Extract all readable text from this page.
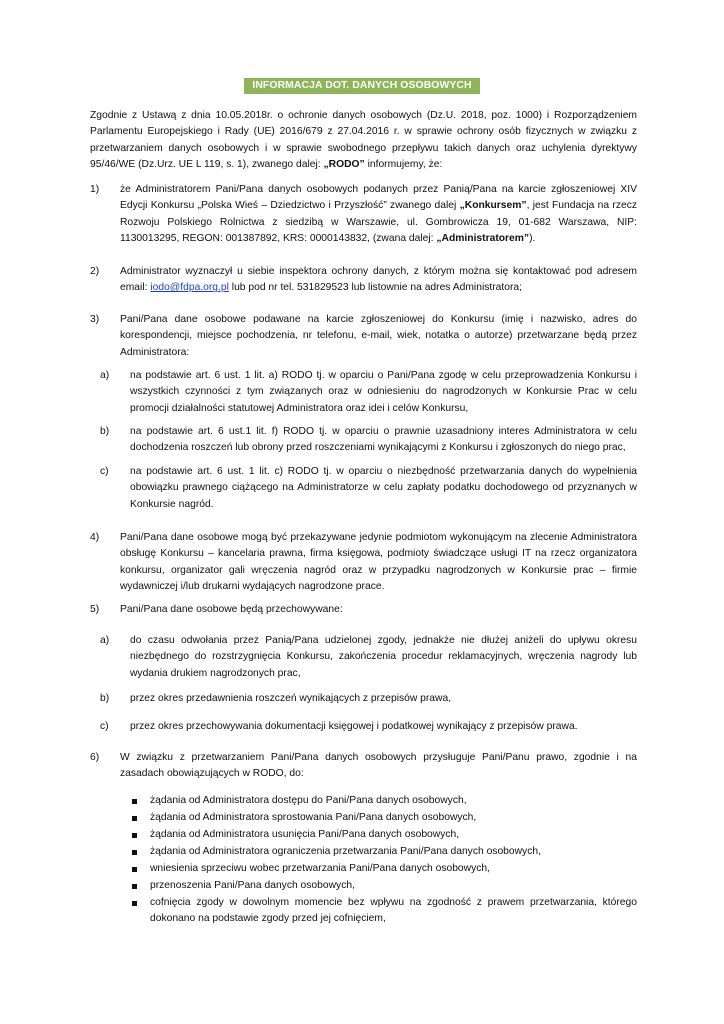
INFORMACJA DOT. DANYCH OSOBOWYCH
Zgodnie z Ustawą z dnia 10.05.2018r. o ochronie danych osobowych (Dz.U. 2018, poz. 1000) i Rozporządzeniem Parlamentu Europejskiego i Rady (UE) 2016/679 z 27.04.2016 r. w sprawie ochrony osób fizycznych w związku z przetwarzaniem danych osobowych i w sprawie swobodnego przepływu takich danych oraz uchylenia dyrektywy 95/46/WE (Dz.Urz. UE L 119, s. 1), zwanego dalej: „RODO” informujemy, że:
1)	że Administratorem Pani/Pana danych osobowych podanych przez Panią/Pana na karcie zgłoszeniowej XIV Edycji Konkursu „Polska Wieś – Dziedzictwo i Przyszłość” zwanego dalej „Konkursem”, jest Fundacja na rzecz Rozwoju Polskiego Rolnictwa z siedzibą w Warszawie, ul. Gombrowicza 19, 01-682 Warszawa, NIP: 1130013295, REGON: 001387892, KRS: 0000143832, (zwana dalej: „Administratorem”).
2)	Administrator wyznaczył u siebie inspektora ochrony danych, z którym można się kontaktować pod adresem email: iodo@fdpa.org.pl lub pod nr tel. 531829523 lub listownie na adres Administratora;
3)	Pani/Pana dane osobowe podawane na karcie zgłoszeniowej do Konkursu (imię i nazwisko, adres do korespondencji, miejsce pochodzenia, nr telefonu, e-mail, wiek, notatka o autorze) przetwarzane będą przez Administratora:
a)	na podstawie art. 6 ust. 1 lit. a) RODO tj. w oparciu o Pani/Pana zgodę w celu przeprowadzenia Konkursu i wszystkich czynności z tym związanych oraz w odniesieniu do nagrodzonych w Konkursie Prac w celu promocji działalności statutowej Administratora oraz idei i celów Konkursu,
b)	na podstawie art. 6 ust.1 lit. f) RODO tj. w oparciu o prawnie uzasadniony interes Administratora w celu dochodzenia roszczeń lub obrony przed roszczeniami wynikającymi z Konkursu i zgłoszonych do niego prac,
c)	na podstawie art. 6 ust. 1 lit. c) RODO tj. w oparciu o niezbędność przetwarzania danych do wypełnienia obowiązku prawnego ciążącego na Administratorze w celu zapłaty podatku dochodowego od przyznanych w Konkursie nagród.
4)	Pani/Pana dane osobowe mogą być przekazywane jedynie podmiotom wykonującym na zlecenie Administratora obsługę Konkursu – kancelaria prawna, firma księgowa, podmioty świadczące usługi IT na rzecz organizatora konkursu, organizator gali wręczenia nagród oraz w przypadku nagrodzonych w Konkursie prac – firmie wydawniczej i/lub drukarni wydających nagrodzone prace.
5)	Pani/Pana dane osobowe będą przechowywane:
a)	do czasu odwołania przez Panią/Pana udzielonej zgody, jednakże nie dłużej aniżeli do upływu okresu niezbędnego do rozstrzygnięcia Konkursu, zakończenia procedur reklamacyjnych, wręczenia nagrody lub wydania drukiem nagrodzonych prac,
b)	przez okres przedawnienia roszczeń wynikających z przepisów prawa,
c)	przez okres przechowywania dokumentacji księgowej i podatkowej wynikający z przepisów prawa.
6)	W związku z przetwarzaniem Pani/Pana danych osobowych przysługuje Pani/Panu prawo, zgodnie i na zasadach obowiązujących w RODO, do:
żądania od Administratora dostępu do Pani/Pana danych osobowych,
żądania od Administratora sprostowania Pani/Pana danych osobowych,
żądania od Administratora usunięcia Pani/Pana danych osobowych,
żądania od Administratora ograniczenia przetwarzania Pani/Pana danych osobowych,
wniesienia sprzeciwu wobec przetwarzania Pani/Pana danych osobowych,
przenoszenia Pani/Pana danych osobowych,
cofnięcia zgody w dowolnym momencie bez wpływu na zgodność z prawem przetwarzania, którego dokonano na podstawie zgody przed jej cofnięciem,
